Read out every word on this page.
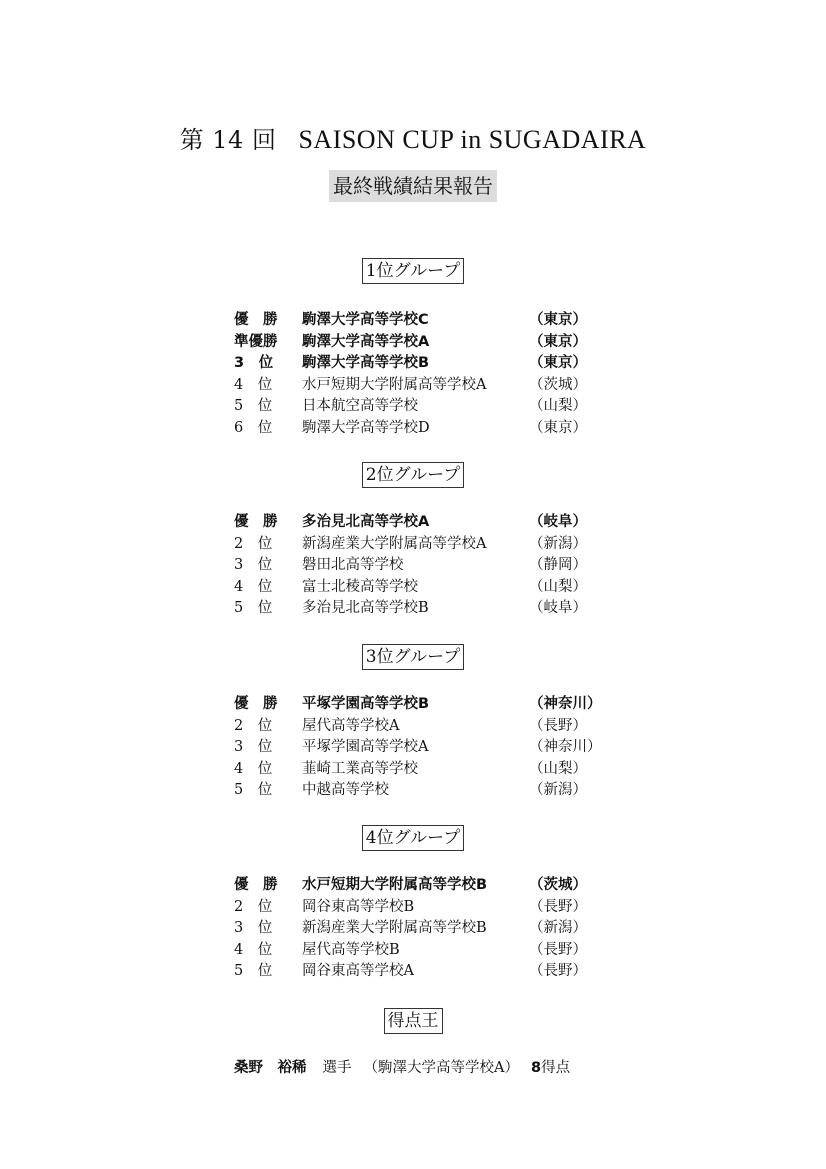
第 14 回 SAISON CUP in SUGADAIRA
最終戦績結果報告
1位グループ
優　勝	駒澤大学高等学校C	（東京）
準優勝	駒澤大学高等学校A	（東京）
3　位	駒澤大学高等学校B	（東京）
4　位	水戸短期大学附属高等学校A	（茨城）
5　位	日本航空高等学校	（山梨）
6　位	駒澤大学高等学校D	（東京）
2位グループ
優　勝	多治見北高等学校A	（岐阜）
2　位	新潟産業大学附属高等学校A	（新潟）
3　位	磐田北高等学校	（静岡）
4　位	富士北稜高等学校	（山梨）
5　位	多治見北高等学校B	（岐阜）
3位グループ
優　勝	平塚学園高等学校B	（神奈川）
2　位	屋代高等学校A	（長野）
3　位	平塚学園高等学校A	（神奈川）
4　位	韮崎工業高等学校	（山梨）
5　位	中越高等学校	（新潟）
4位グループ
優　勝	水戸短期大学附属高等学校B	（茨城）
2　位	岡谷東高等学校B	（長野）
3　位	新潟産業大学附属高等学校B	（新潟）
4　位	屋代高等学校B	（長野）
5　位	岡谷東高等学校A	（長野）
得点王
桑野　裕稀 選手 （駒澤大学高等学校A） 8得点
